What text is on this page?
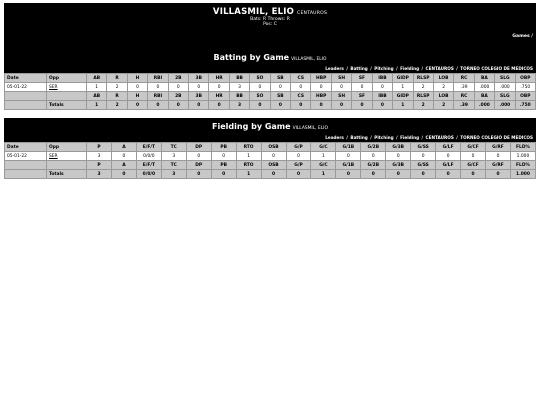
VILLASMIL, ELIO CENTAUROS
Bats: R Throws: R
Pos: C
Games /
Batting by Game VILLASMIL, ELIO
Leaders / Batting / Pitching / Fielding / CENTAUROS / TORNEO COLEGIO DE MEDICOS
Date	Opp	AB	R	H	RBI	2B	3B	HR	BB	SO	SB	CS	HBP	SH	SF	IBB	GIDP	RLSP	LOB	RC	BA	SLG	OBP
05-01-22	SER	1	2	0	0	0	0	0	3	0	0	0	0	0	0	0	1	2	2	.39	.000	.000	.750
		AB	R	H	RBI	2B	3B	HR	BB	SO	SB	CS	HBP	SH	SF	IBB	GIDP	RLSP	LOB	RC	BA	SLG	OBP
	Totals	1	2	0	0	0	0	0	3	0	0	0	0	0	0	0	1	2	2	.39	.000	.000	.750
Fielding by Game VILLASMIL, ELIO
Leaders / Batting / Pitching / Fielding / CENTAUROS / TORNEO COLEGIO DE MEDICOS
Date	Opp	P	A	E/F/T	TC	DP	PB	RTO	OSB	G/P	G/C	G/1B	G/2B	G/3B	G/SS	G/LF	G/CF	G/RF	FLD%
05-01-22	SER	3	0	0/0/0	3	0	0	1	0	0	1	0	0	0	0	0	0	0	1.000
		P	A	E/F/T	TC	DP	PB	RTO	OSB	G/P	G/C	G/1B	G/2B	G/3B	G/SS	G/LF	G/CF	G/RF	FLD%
	Totals	3	0	0/0/0	3	0	0	1	0	0	1	0	0	0	0	0	0	0	1.000
